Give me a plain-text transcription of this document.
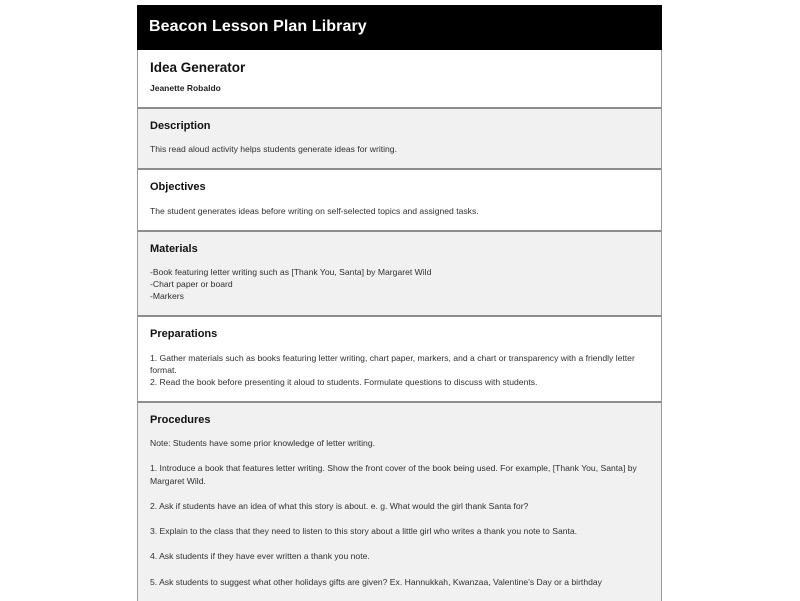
Beacon Lesson Plan Library
Idea Generator
Jeanette Robaldo
Description

This read aloud activity helps students generate ideas for writing.

Objectives

The student generates ideas before writing on self-selected topics and assigned tasks.

Materials

-Book featuring letter writing such as [Thank You, Santa] by Margaret Wild

-Chart paper or board

-Markers

Preparations

1. Gather materials such as books featuring letter writing, chart paper, markers, and a chart or transparency with a friendly letter format.

2. Read the book before presenting it aloud to students. Formulate questions to discuss with students.

Procedures

Note: Students have some prior knowledge of letter writing.

1. Introduce a book that features letter writing. Show the front cover of the book being used. For example, [Thank You, Santa] by Margaret Wild.

2. Ask if students have an idea of what this story is about. e. g. What would the girl thank Santa for?

3. Explain to the class that they need to listen to this story about a little girl who writes a thank you note to Santa.

4. Ask students if they have ever written a thank you note.

5. Ask students to suggest what other holidays gifts are given? Ex. Hannukkah, Kwanzaa, Valentine's Day or a birthday
